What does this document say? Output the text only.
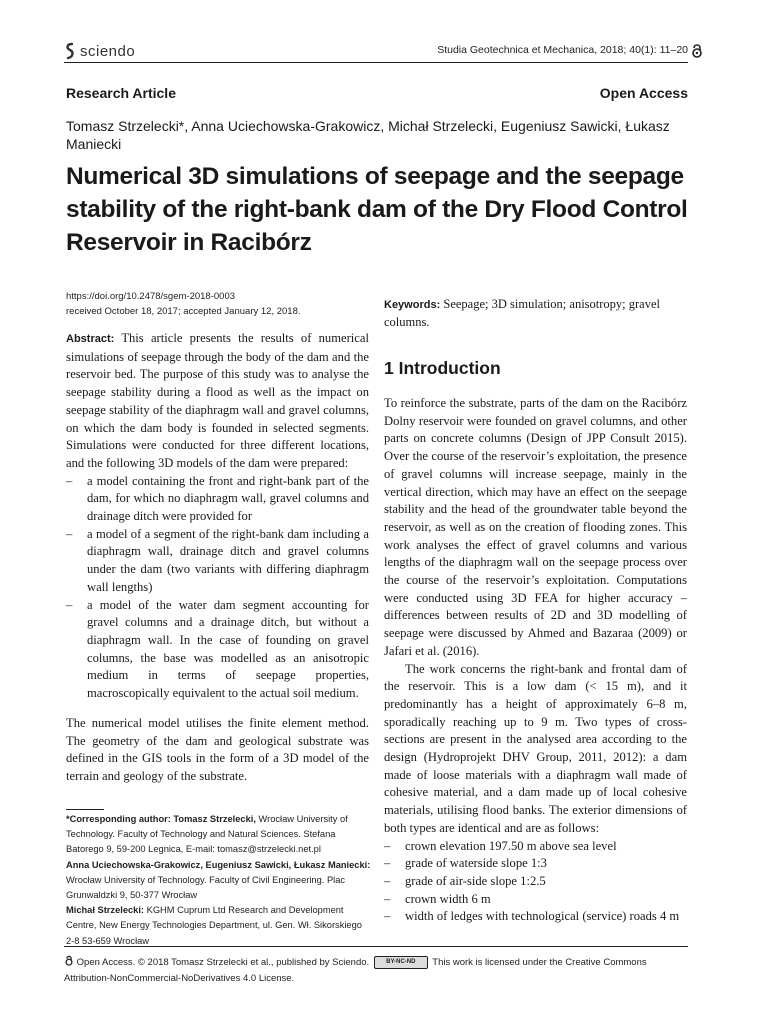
sciendo	Studia Geotechnica et Mechanica, 2018; 40(1): 11–20
Research Article	Open Access
Tomasz Strzelecki*, Anna Uciechowska-Grakowicz, Michał Strzelecki, Eugeniusz Sawicki, Łukasz Maniecki
Numerical 3D simulations of seepage and the seepage stability of the right-bank dam of the Dry Flood Control Reservoir in Racibórz
https://doi.org/10.2478/sgem-2018-0003
received October 18, 2017; accepted January 12, 2018.
Keywords: Seepage; 3D simulation; anisotropy; gravel columns.
Abstract: This article presents the results of numerical simulations of seepage through the body of the dam and the reservoir bed. The purpose of this study was to analyse the seepage stability during a flood as well as the impact on seepage stability of the diaphragm wall and gravel columns, on which the dam body is founded in selected segments. Simulations were conducted for three different locations, and the following 3D models of the dam were prepared:
– a model containing the front and right-bank part of the dam, for which no diaphragm wall, gravel columns and drainage ditch were provided for
– a model of a segment of the right-bank dam including a diaphragm wall, drainage ditch and gravel columns under the dam (two variants with differing diaphragm wall lengths)
– a model of the water dam segment accounting for gravel columns and a drainage ditch, but without a diaphragm wall. In the case of founding on gravel columns, the base was modelled as an anisotropic medium in terms of seepage properties, macroscopically equivalent to the actual soil medium.
The numerical model utilises the finite element method. The geometry of the dam and geological substrate was defined in the GIS tools in the form of a 3D model of the terrain and geology of the substrate.
*Corresponding author: Tomasz Strzelecki, Wrocław University of Technology. Faculty of Technology and Natural Sciences. Stefana Batorego 9, 59-200 Legnica, E-mail: tomasz@strzelecki.net.pl
Anna Uciechowska-Grakowicz, Eugeniusz Sawicki, Łukasz Maniecki: Wrocław University of Technology. Faculty of Civil Engineering. Plac Grunwaldzki 9, 50-377 Wrocław
Michał Strzelecki: KGHM Cuprum Ltd Research and Development Centre, New Energy Technologies Department, ul. Gen. Wł. Sikorskiego 2-8 53-659 Wrocław
1 Introduction

To reinforce the substrate, parts of the dam on the Racibórz Dolny reservoir were founded on gravel columns, and other parts on concrete columns (Design of JPP Consult 2015). Over the course of the reservoir’s exploitation, the presence of gravel columns will increase seepage, mainly in the vertical direction, which may have an effect on the seepage stability and the head of the groundwater table beyond the reservoir, as well as on the creation of flooding zones. This work analyses the effect of gravel columns and various lengths of the diaphragm wall on the seepage process over the course of the reservoir’s exploitation. Computations were conducted using 3D FEA for higher accuracy – differences between results of 2D and 3D modelling of seepage were discussed by Ahmed and Bazaraa (2009) or Jafari et al. (2016).

The work concerns the right-bank and frontal dam of the reservoir. This is a low dam (< 15 m), and it predominantly has a height of approximately 6–8 m, sporadically reaching up to 9 m. Two types of cross-sections are present in the analysed area according to the design (Hydroprojekt DHV Group, 2011, 2012): a dam made of loose materials with a diaphragm wall made of cohesive material, and a dam made up of local cohesive materials, utilising flood banks. The exterior dimensions of both types are identical and are as follows:

– crown elevation 197.50 m above sea level
– grade of waterside slope 1:3
– grade of air-side slope 1:2.5
– crown width 6 m
– width of ledges with technological (service) roads 4 m
Open Access. © 2018 Tomasz Strzelecki et al., published by Sciendo.	BY-NC-ND This work is licensed under the Creative Commons Attribution-NonCommercial-NoDerivatives 4.0 License.
